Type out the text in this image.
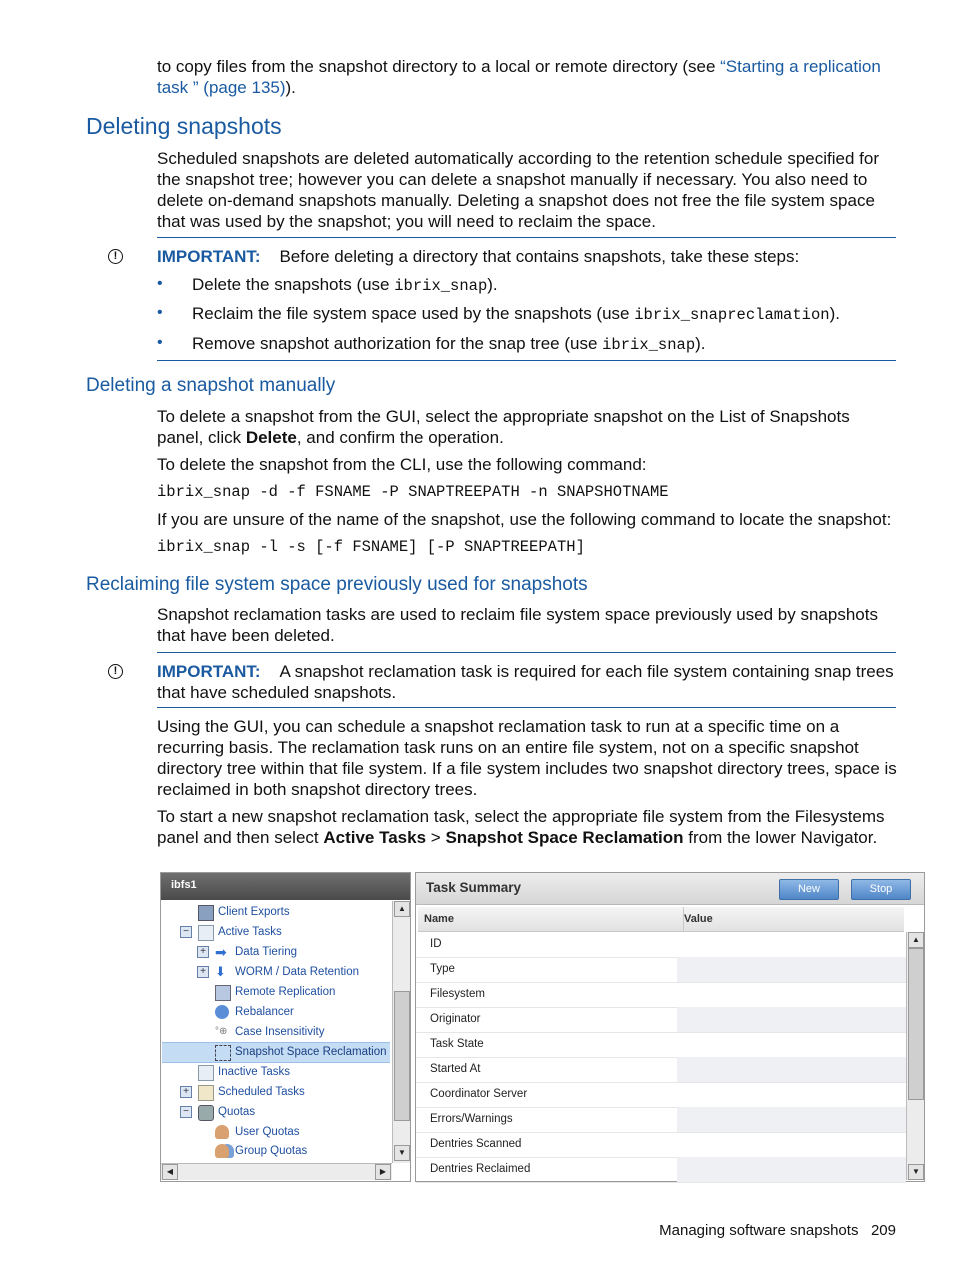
to copy files from the snapshot directory to a local or remote directory (see “Starting a replication task ” (page 135)).
Deleting snapshots
Scheduled snapshots are deleted automatically according to the retention schedule specified for the snapshot tree; however you can delete a snapshot manually if necessary. You also need to delete on-demand snapshots manually. Deleting a snapshot does not free the file system space that was used by the snapshot; you will need to reclaim the space.
!	IMPORTANT: Before deleting a directory that contains snapshots, take these steps:
• Delete the snapshots (use ibrix_snap).
• Reclaim the file system space used by the snapshots (use ibrix_snapreclamation).
• Remove snapshot authorization for the snap tree (use ibrix_snap).
Deleting a snapshot manually
To delete a snapshot from the GUI, select the appropriate snapshot on the List of Snapshots panel, click Delete, and confirm the operation.
To delete the snapshot from the CLI, use the following command:
ibrix_snap -d -f FSNAME -P SNAPTREEPATH -n SNAPSHOTNAME
If you are unsure of the name of the snapshot, use the following command to locate the snapshot:
ibrix_snap -l -s [-f FSNAME] [-P SNAPTREEPATH]
Reclaiming file system space previously used for snapshots
Snapshot reclamation tasks are used to reclaim file system space previously used by snapshots that have been deleted.
!	IMPORTANT: A snapshot reclamation task is required for each file system containing snap trees that have scheduled snapshots.
Using the GUI, you can schedule a snapshot reclamation task to run at a specific time on a recurring basis. The reclamation task runs on an entire file system, not on a specific snapshot directory tree within that file system. If a file system includes two snapshot directory trees, space is reclaimed in both snapshot directory trees.
To start a new snapshot reclamation task, select the appropriate file system from the Filesystems panel and then select Active Tasks > Snapshot Space Reclamation from the lower Navigator.
ibfs1
Client Exports
−	Active Tasks
+ ➡ Data Tiering
+ ⬇ WORM / Data Retention
Remote Replication
Rebalancer
°⊕ Case Insensitivity
Snapshot Space Reclamation
Inactive Tasks
+	Scheduled Tasks
−	Quotas
User Quotas
Group Quotas
▲
▼
◀	▶
Task Summary	New	Stop
Name	Value
ID
Type
Filesystem
Originator
Task State
Started At
Coordinator Server
Errors/Warnings
Dentries Scanned
Dentries Reclaimed
▲
▼
Managing software snapshots 209
